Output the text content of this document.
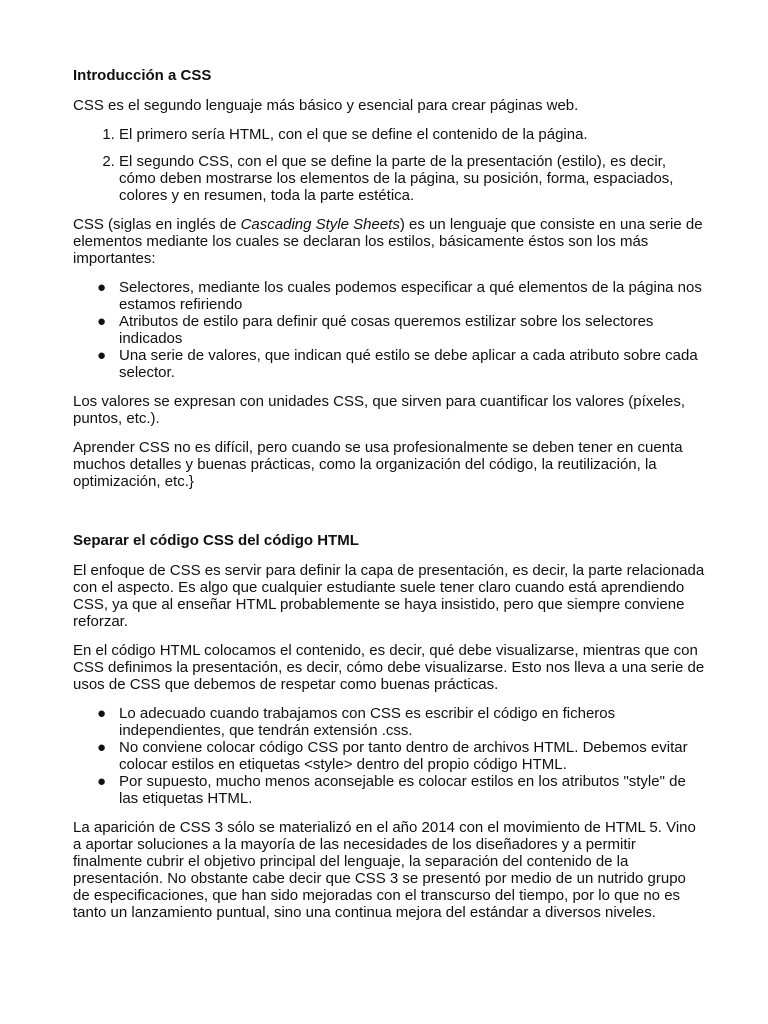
Introducción a CSS

CSS es el segundo lenguaje más básico y esencial para crear páginas web.

1. El primero sería HTML, con el que se define el contenido de la página.
2. El segundo CSS, con el que se define la parte de la presentación (estilo), es decir, cómo deben mostrarse los elementos de la página, su posición, forma, espaciados, colores y en resumen, toda la parte estética.

CSS (siglas en inglés de Cascading Style Sheets) es un lenguaje que consiste en una serie de elementos mediante los cuales se declaran los estilos, básicamente éstos son los más importantes:

● Selectores, mediante los cuales podemos especificar a qué elementos de la página nos estamos refiriendo
● Atributos de estilo para definir qué cosas queremos estilizar sobre los selectores indicados
● Una serie de valores, que indican qué estilo se debe aplicar a cada atributo sobre cada selector.

Los valores se expresan con unidades CSS, que sirven para cuantificar los valores (píxeles, puntos, etc.).

Aprender CSS no es difícil, pero cuando se usa profesionalmente se deben tener en cuenta muchos detalles y buenas prácticas, como la organización del código, la reutilización, la optimización, etc.}

Separar el código CSS del código HTML

El enfoque de CSS es servir para definir la capa de presentación, es decir, la parte relacionada con el aspecto. Es algo que cualquier estudiante suele tener claro cuando está aprendiendo CSS, ya que al enseñar HTML probablemente se haya insistido, pero que siempre conviene reforzar.

En el código HTML colocamos el contenido, es decir, qué debe visualizarse, mientras que con CSS definimos la presentación, es decir, cómo debe visualizarse. Esto nos lleva a una serie de usos de CSS que debemos de respetar como buenas prácticas.

● Lo adecuado cuando trabajamos con CSS es escribir el código en ficheros independientes, que tendrán extensión .css.
● No conviene colocar código CSS por tanto dentro de archivos HTML. Debemos evitar colocar estilos en etiquetas <style> dentro del propio código HTML.
● Por supuesto, mucho menos aconsejable es colocar estilos en los atributos "style" de las etiquetas HTML.

La aparición de CSS 3 sólo se materializó en el año 2014 con el movimiento de HTML 5. Vino a aportar soluciones a la mayoría de las necesidades de los diseñadores y a permitir finalmente cubrir el objetivo principal del lenguaje, la separación del contenido de la presentación. No obstante cabe decir que CSS 3 se presentó por medio de un nutrido grupo de especificaciones, que han sido mejoradas con el transcurso del tiempo, por lo que no es tanto un lanzamiento puntual, sino una continua mejora del estándar a diversos niveles.
